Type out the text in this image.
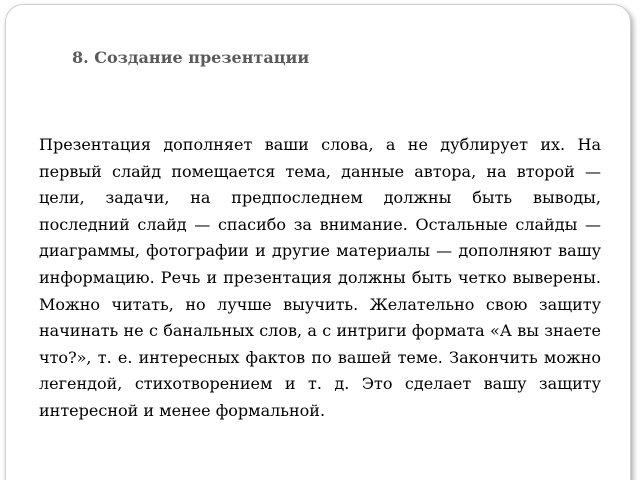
8. Создание презентации

Презентация дополняет ваши слова, а не дублирует их. На первый слайд помещается тема, данные автора, на второй — цели, задачи, на предпоследнем должны быть выводы, последний слайд — спасибо за внимание. Остальные слайды — диаграммы, фотографии и другие материалы — дополняют вашу информацию. Речь и презентация должны быть четко выверены. Можно читать, но лучше выучить. Желательно свою защиту начинать не с банальных слов, а с интриги формата «А вы знаете что?», т. е. интересных фактов по вашей теме. Закончить можно легендой, стихотворением и т. д. Это сделает вашу защиту интересной и менее формальной.
